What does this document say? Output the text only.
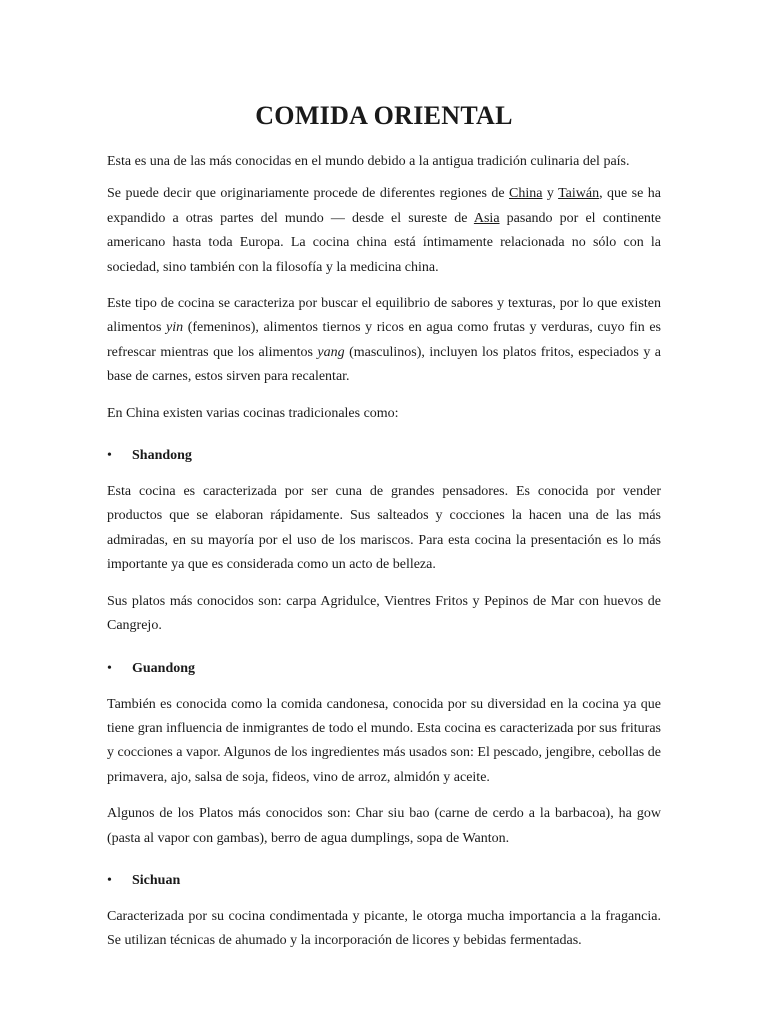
COMIDA ORIENTAL

Esta es una de las más conocidas en el mundo debido a la antigua tradición culinaria del país.

Se puede decir que originariamente procede de diferentes regiones de China y Taiwán, que se ha expandido a otras partes del mundo — desde el sureste de Asia pasando por el continente americano hasta toda Europa. La cocina china está íntimamente relacionada no sólo con la sociedad, sino también con la filosofía y la medicina china.

Este tipo de cocina se caracteriza por buscar el equilibrio de sabores y texturas, por lo que existen alimentos yin (femeninos), alimentos tiernos y ricos en agua como frutas y verduras, cuyo fin es refrescar mientras que los alimentos yang (masculinos), incluyen los platos fritos, especiados y a base de carnes, estos sirven para recalentar.

En China existen varias cocinas tradicionales como:

•	Shandong

Esta cocina es caracterizada por ser cuna de grandes pensadores. Es conocida por vender productos que se elaboran rápidamente. Sus salteados y cocciones la hacen una de las más admiradas, en su mayoría por el uso de los mariscos. Para esta cocina la presentación es lo más importante ya que es considerada como un acto de belleza.

Sus platos más conocidos son: carpa Agridulce, Vientres Fritos y Pepinos de Mar con huevos de Cangrejo.

•	Guandong

También es conocida como la comida candonesa, conocida por su diversidad en la cocina ya que tiene gran influencia de inmigrantes de todo el mundo. Esta cocina es caracterizada por sus frituras y cocciones a vapor. Algunos de los ingredientes más usados son: El pescado, jengibre, cebollas de primavera, ajo, salsa de soja, fideos, vino de arroz, almidón y aceite.

Algunos de los Platos más conocidos son: Char siu bao (carne de cerdo a la barbacoa), ha gow (pasta al vapor con gambas), berro de agua dumplings, sopa de Wanton.

•	Sichuan

Caracterizada por su cocina condimentada y picante, le otorga mucha importancia a la fragancia. Se utilizan técnicas de ahumado y la incorporación de licores y bebidas fermentadas.
